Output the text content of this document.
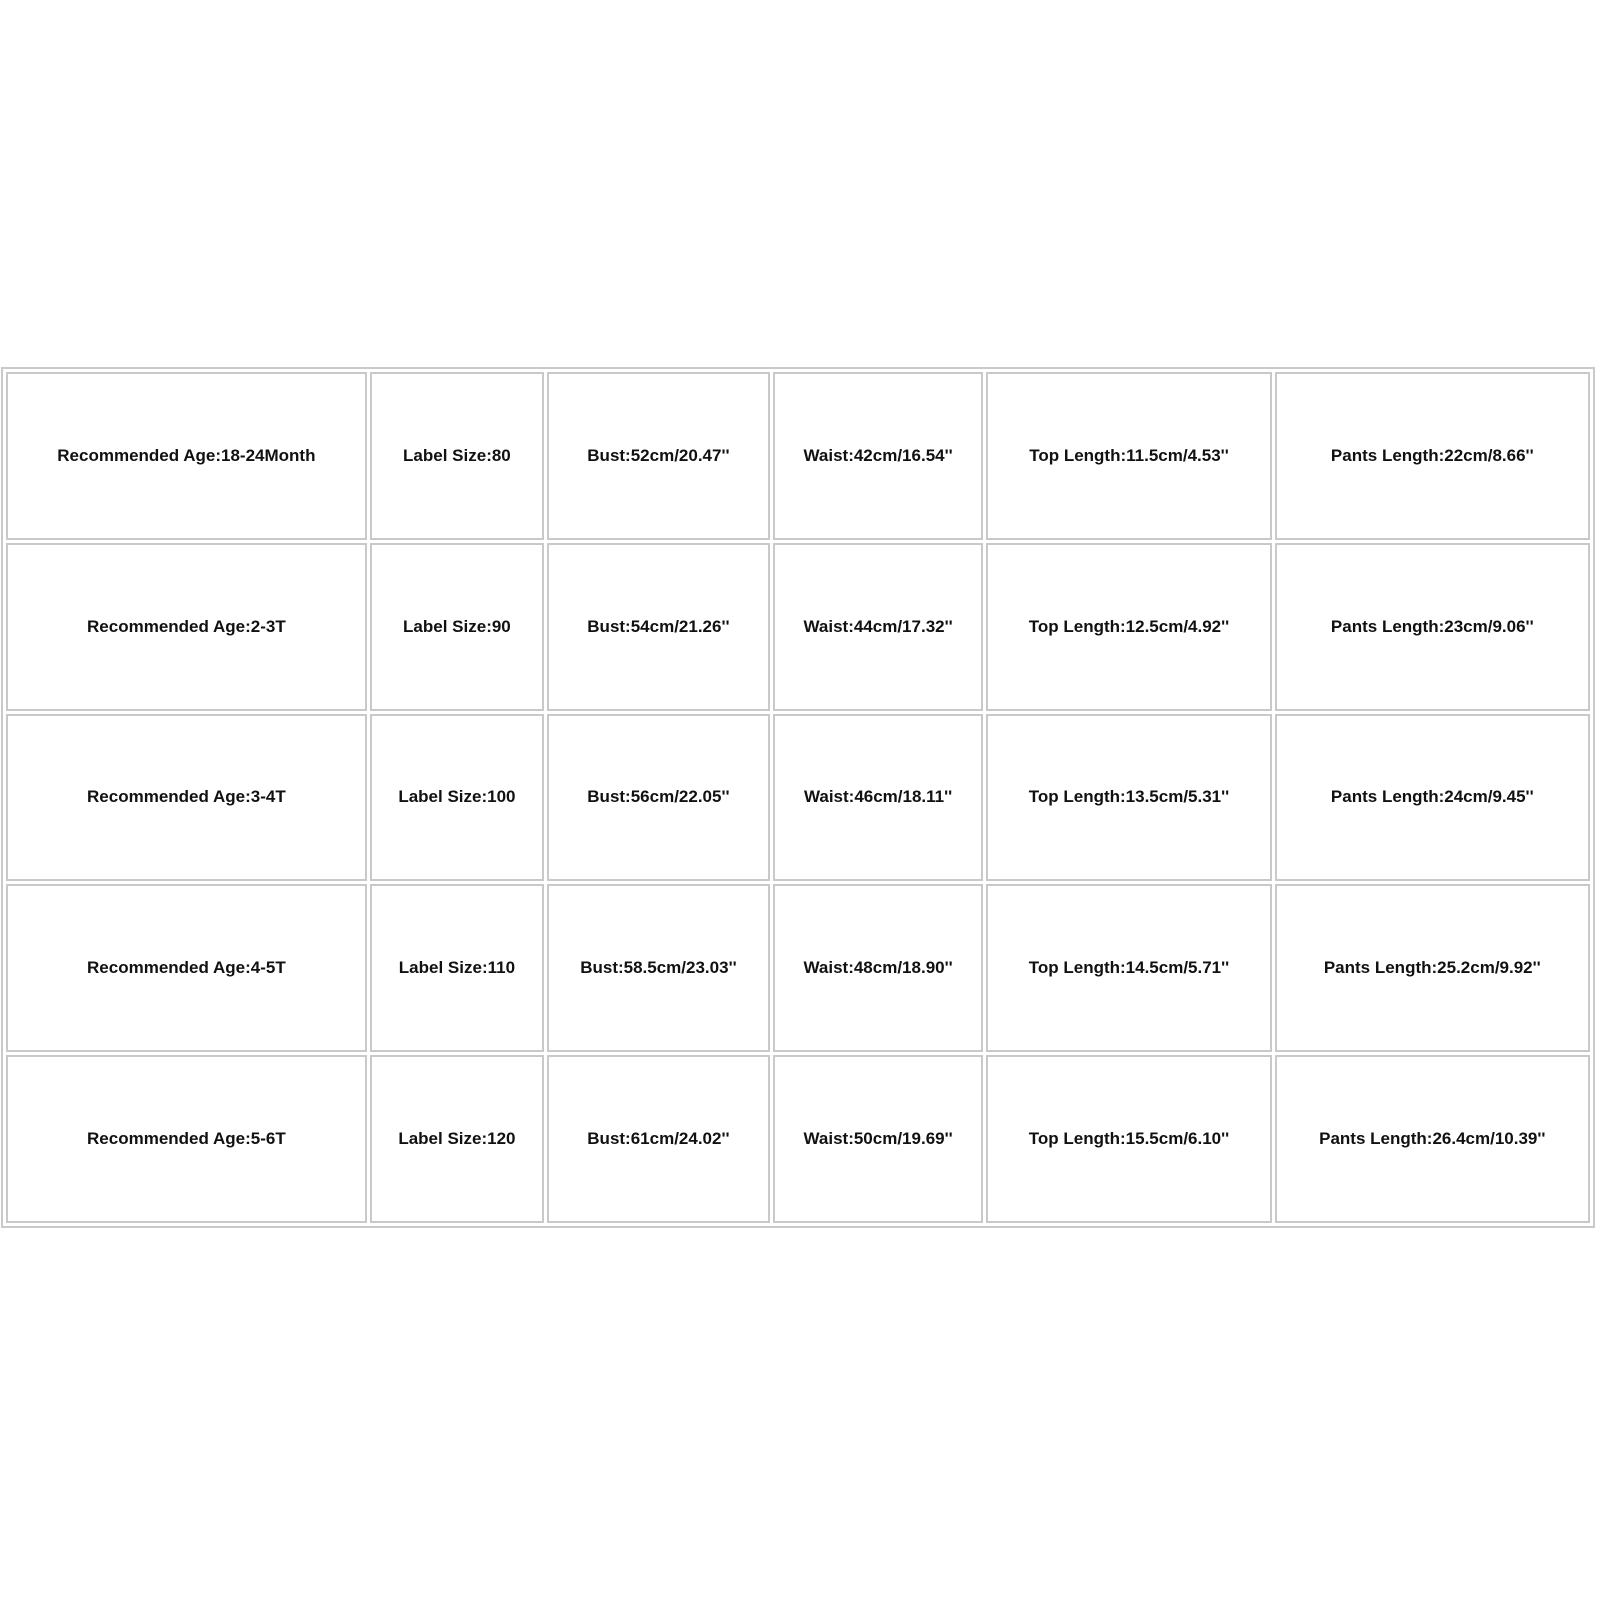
Recommended Age:18-24Month	Label Size:80	Bust:52cm/20.47''	Waist:42cm/16.54''	Top Length:11.5cm/4.53''	Pants Length:22cm/8.66''
Recommended Age:2-3T	Label Size:90	Bust:54cm/21.26''	Waist:44cm/17.32''	Top Length:12.5cm/4.92''	Pants Length:23cm/9.06''
Recommended Age:3-4T	Label Size:100	Bust:56cm/22.05''	Waist:46cm/18.11''	Top Length:13.5cm/5.31''	Pants Length:24cm/9.45''
Recommended Age:4-5T	Label Size:110	Bust:58.5cm/23.03''	Waist:48cm/18.90''	Top Length:14.5cm/5.71''	Pants Length:25.2cm/9.92''
Recommended Age:5-6T	Label Size:120	Bust:61cm/24.02''	Waist:50cm/19.69''	Top Length:15.5cm/6.10''	Pants Length:26.4cm/10.39''
